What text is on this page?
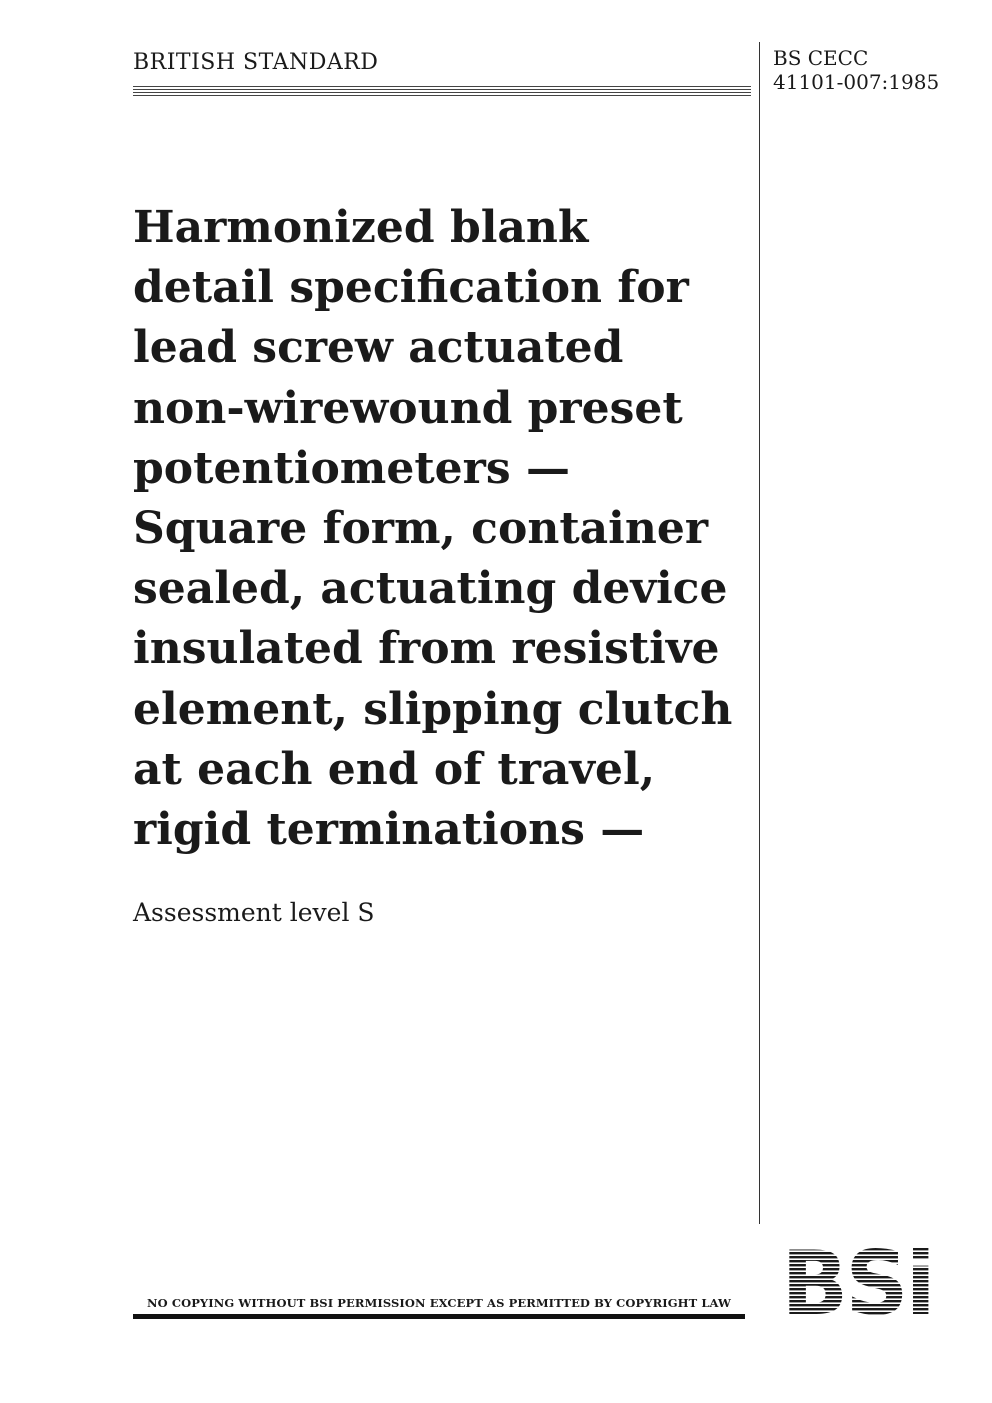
BRITISH STANDARD	BS CECC
41101-007:1985
Harmonized blank
detail specification for
lead screw actuated
non-wirewound preset
potentiometers —
Square form, container
sealed, actuating device
insulated from resistive
element, slipping clutch
at each end of travel,
rigid terminations —
Assessment level S
NO COPYING WITHOUT BSI PERMISSION EXCEPT AS PERMITTED BY COPYRIGHT LAW
